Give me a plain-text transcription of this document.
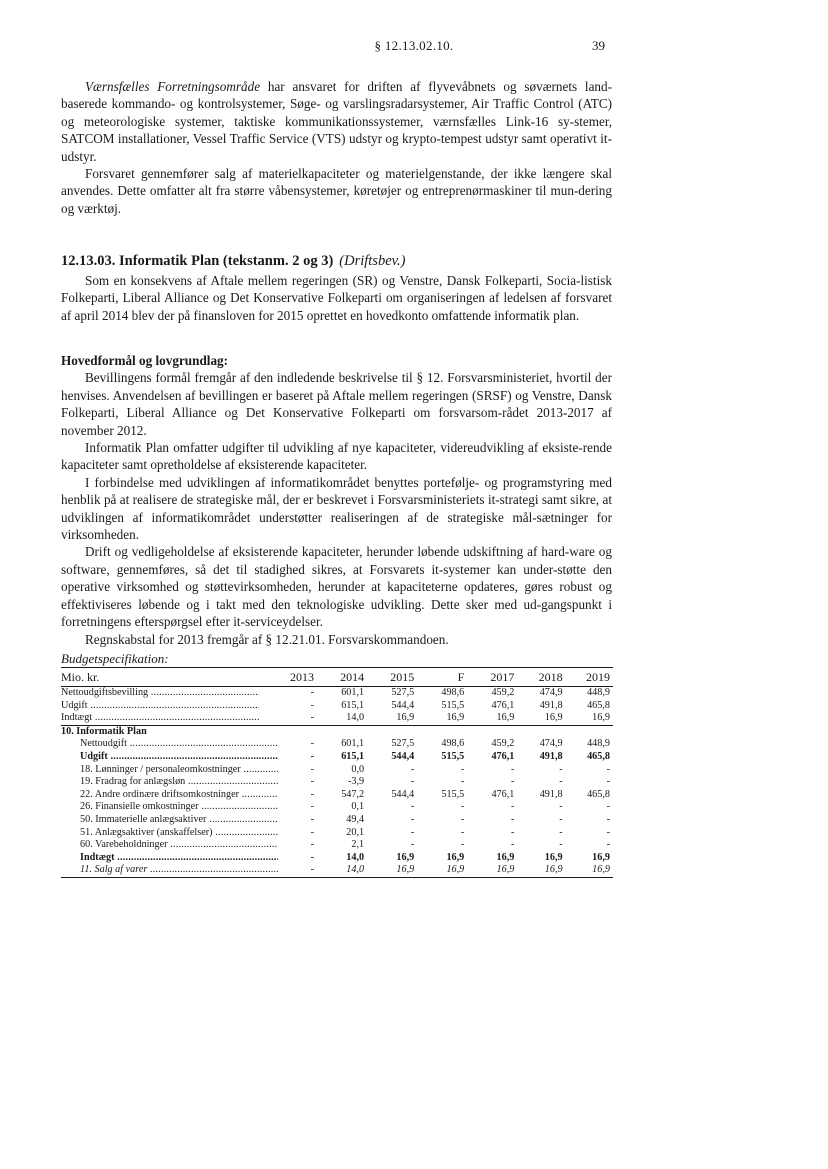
§ 12.13.02.10.	39

Værnsfælles Forretningsområde har ansvaret for driften af flyvevåbnets og søværnets land-baserede kommando- og kontrolsystemer, Søge- og varslingsradarsystemer, Air Traffic Control (ATC) og meteorologiske systemer, taktiske kommunikationssystemer, værnsfælles Link-16 sy-stemer, SATCOM installationer, Vessel Traffic Service (VTS) udstyr og krypto-tempest udstyr samt operativt it-udstyr.

Forsvaret gennemfører salg af materielkapaciteter og materielgenstande, der ikke længere skal anvendes. Dette omfatter alt fra større våbensystemer, køretøjer og entreprenørmaskiner til mun-dering og værktøj.

12.13.03. Informatik Plan (tekstanm. 2 og 3) (Driftsbev.)

Som en konsekvens af Aftale mellem regeringen (SR) og Venstre, Dansk Folkeparti, Socia-listisk Folkeparti, Liberal Alliance og Det Konservative Folkeparti om organiseringen af ledelsen af forsvaret af april 2014 blev der på finansloven for 2015 oprettet en hovedkonto omfattende informatik plan.

Hovedformål og lovgrundlag:

Bevillingens formål fremgår af den indledende beskrivelse til § 12. Forsvarsministeriet, hvortil der henvises. Anvendelsen af bevillingen er baseret på Aftale mellem regeringen (SRSF) og Venstre, Dansk Folkeparti, Liberal Alliance og Det Konservative Folkeparti om forsvarsom-rådet 2013-2017 af november 2012.

Informatik Plan omfatter udgifter til udvikling af nye kapaciteter, videreudvikling af eksiste-rende kapaciteter samt opretholdelse af eksisterende kapaciteter.

I forbindelse med udviklingen af informatikområdet benyttes portefølje- og programstyring med henblik på at realisere de strategiske mål, der er beskrevet i Forsvarsministeriets it-strategi samt sikre, at udviklingen af informatikområdet understøtter realiseringen af de strategiske mål-sætninger for virksomheden.

Drift og vedligeholdelse af eksisterende kapaciteter, herunder løbende udskiftning af hard-ware og software, gennemføres, så det til stadighed sikres, at Forsvarets it-systemer kan under-støtte den operative virksomhed og støttevirksomheden, herunder at kapaciteterne opdateres, gøres robust og effektiviseres løbende og i takt med den teknologiske udvikling. Dette sker med ud-gangspunkt i forretningens efterspørgsel efter it-serviceydelser.

Regnskabstal for 2013 fremgår af § 12.21.01. Forsvarskommandoen.

Budgetspecifikation:
Mio. kr.	2013	2014	2015	F	2017	2018	2019

Nettoudgiftsbevilling .....	-	601,1	527,5	498,6	459,2	474,9	448,9

Udgift .....	-	615,1	544,4	515,5	476,1	491,8	465,8

Indtægt .....	-	14,0	16,9	16,9	16,9	16,9	16,9

10. Informatik Plan							

Nettoudgift .....	-	601,1	527,5	498,6	459,2	474,9	448,9

Udgift .....	-	615,1	544,4	515,5	476,1	491,8	465,8

18. Lønninger / personaleomkostninger .....	-	0,0	-	-	-	-	-

19. Fradrag for anlægsløn .....	-	-3,9	-	-	-	-	-

22. Andre ordinære driftsomkostninger .....	-	547,2	544,4	515,5	476,1	491,8	465,8

26. Finansielle omkostninger .....	-	0,1	-	-	-	-	-

50. Immaterielle anlægsaktiver .....	-	49,4	-	-	-	-	-

51. Anlægsaktiver (anskaffelser) .....	-	20,1	-	-	-	-	-

60. Varebeholdninger .....	-	2,1	-	-	-	-	-

Indtægt .....	-	14,0	16,9	16,9	16,9	16,9	16,9

11. Salg af varer .....	-	14,0	16,9	16,9	16,9	16,9	16,9
